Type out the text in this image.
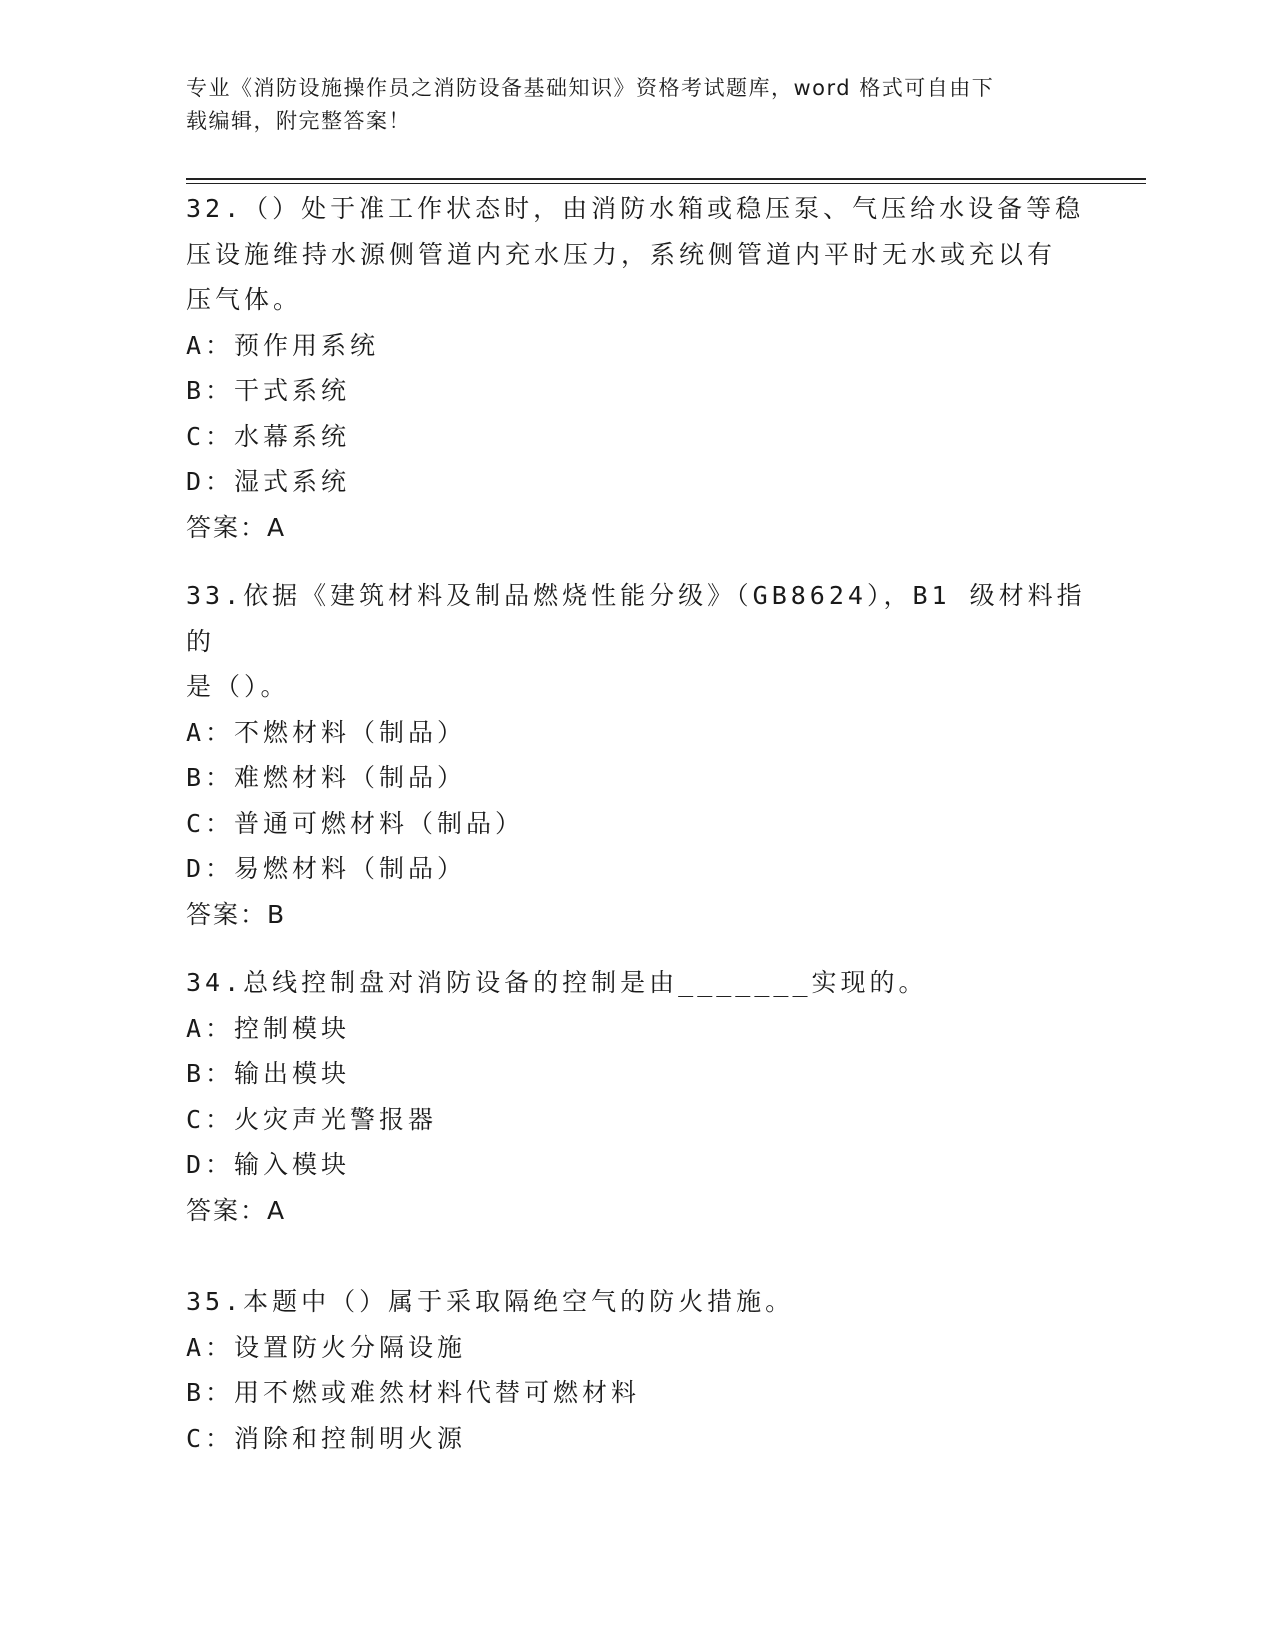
专业《消防设施操作员之消防设备基础知识》资格考试题库，word 格式可自由下
载编辑，附完整答案！
32.（）处于准工作状态时，由消防水箱或稳压泵、气压给水设备等稳
压设施维持水源侧管道内充水压力，系统侧管道内平时无水或充以有
压气体。
A：预作用系统
B：干式系统
C：水幕系统
D：湿式系统
答案：A
33.依据《建筑材料及制品燃烧性能分级》（GB8624），B1 级材料指的
是（）。
A：不燃材料（制品）
B：难燃材料（制品）
C：普通可燃材料（制品）
D：易燃材料（制品）
答案：B
34.总线控制盘对消防设备的控制是由_______实现的。
A：控制模块
B：输出模块
C：火灾声光警报器
D：输入模块
答案：A
35.本题中（）属于采取隔绝空气的防火措施。
A：设置防火分隔设施
B：用不燃或难然材料代替可燃材料
C：消除和控制明火源
